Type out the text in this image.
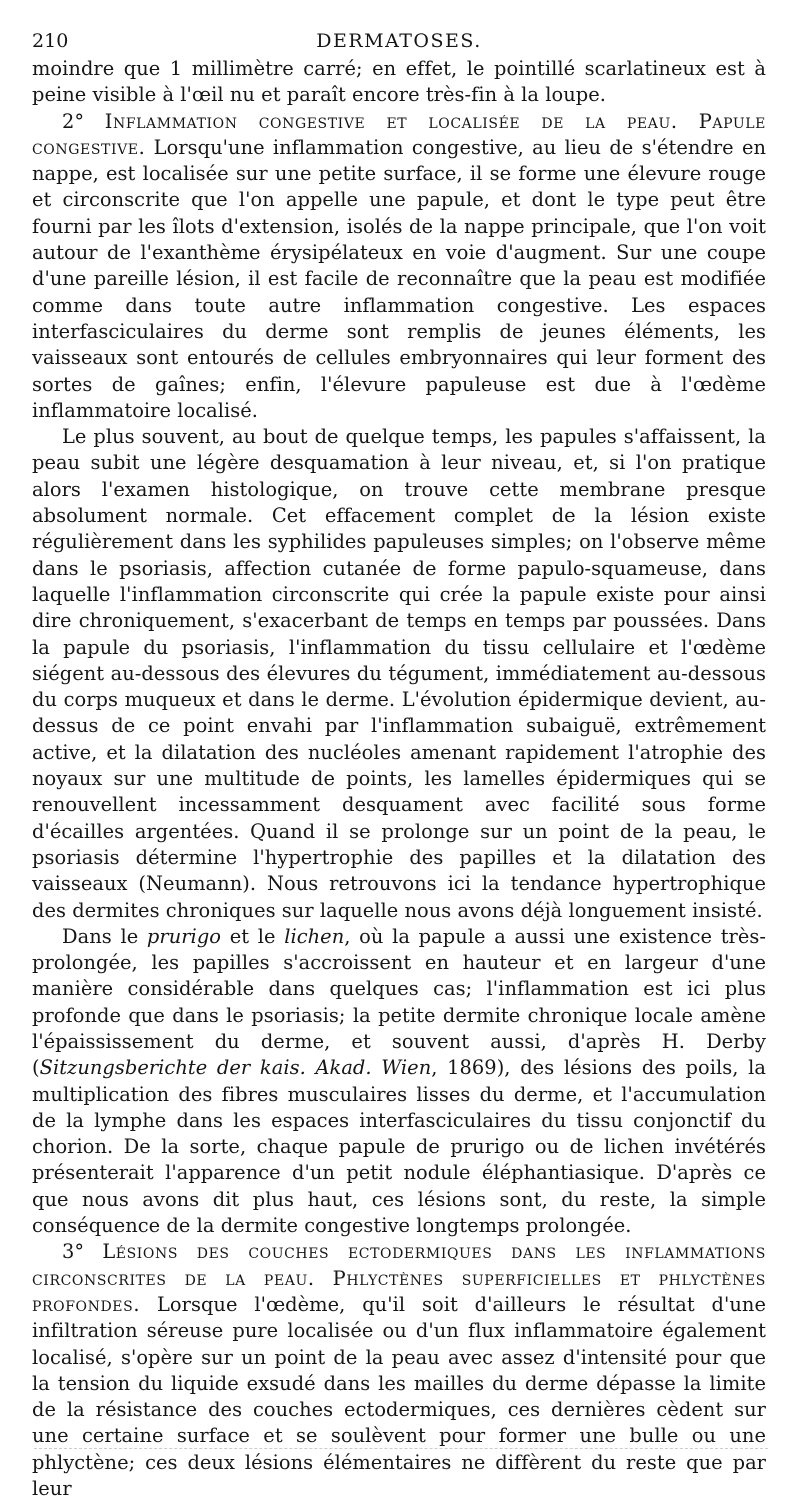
210	DERMATOSES.

moindre que 1 millimètre carré; en effet, le pointillé scarlatineux est à peine visible à l'œil nu et paraît encore très-fin à la loupe.

2° Inflammation congestive et localisée de la peau. Papule congestive. Lorsqu'une inflammation congestive, au lieu de s'étendre en nappe, est localisée sur une petite surface, il se forme une élevure rouge et circonscrite que l'on appelle une papule, et dont le type peut être fourni par les îlots d'extension, isolés de la nappe principale, que l'on voit autour de l'exanthème érysipélateux en voie d'augment. Sur une coupe d'une pareille lésion, il est facile de reconnaître que la peau est modifiée comme dans toute autre inflammation congestive. Les espaces interfasciculaires du derme sont remplis de jeunes éléments, les vaisseaux sont entourés de cellules embryonnaires qui leur forment des sortes de gaînes; enfin, l'élevure papuleuse est due à l'œdème inflammatoire localisé.

Le plus souvent, au bout de quelque temps, les papules s'affaissent, la peau subit une légère desquamation à leur niveau, et, si l'on pratique alors l'examen histologique, on trouve cette membrane presque absolument normale. Cet effacement complet de la lésion existe régulièrement dans les syphilides papuleuses simples; on l'observe même dans le psoriasis, affection cutanée de forme papulo-squameuse, dans laquelle l'inflammation circonscrite qui crée la papule existe pour ainsi dire chroniquement, s'exacerbant de temps en temps par poussées. Dans la papule du psoriasis, l'inflammation du tissu cellulaire et l'œdème siégent au-dessous des élevures du tégument, immédiatement au-dessous du corps muqueux et dans le derme. L'évolution épidermique devient, au-dessus de ce point envahi par l'inflammation subaiguë, extrêmement active, et la dilatation des nucléoles amenant rapidement l'atrophie des noyaux sur une multitude de points, les lamelles épidermiques qui se renouvellent incessamment desquament avec facilité sous forme d'écailles argentées. Quand il se prolonge sur un point de la peau, le psoriasis détermine l'hypertrophie des papilles et la dilatation des vaisseaux (Neumann). Nous retrouvons ici la tendance hypertrophique des dermites chroniques sur laquelle nous avons déjà longuement insisté.

Dans le prurigo et le lichen, où la papule a aussi une existence très-prolongée, les papilles s'accroissent en hauteur et en largeur d'une manière considérable dans quelques cas; l'inflammation est ici plus profonde que dans le psoriasis; la petite dermite chronique locale amène l'épaississement du derme, et souvent aussi, d'après H. Derby (Sitzungsberichte der kais. Akad. Wien, 1869), des lésions des poils, la multiplication des fibres musculaires lisses du derme, et l'accumulation de la lymphe dans les espaces interfasciculaires du tissu conjonctif du chorion. De la sorte, chaque papule de prurigo ou de lichen invétérés présenterait l'apparence d'un petit nodule éléphantiasique. D'après ce que nous avons dit plus haut, ces lésions sont, du reste, la simple conséquence de la dermite congestive longtemps prolongée.

3° Lésions des couches ectodermiques dans les inflammations circonscrites de la peau. Phlyctènes superficielles et phlyctènes profondes. Lorsque l'œdème, qu'il soit d'ailleurs le résultat d'une infiltration séreuse pure localisée ou d'un flux inflammatoire également localisé, s'opère sur un point de la peau avec assez d'intensité pour que la tension du liquide exsudé dans les mailles du derme dépasse la limite de la résistance des couches ectodermiques, ces dernières cèdent sur une certaine surface et se soulèvent pour former une bulle ou une phlyctène; ces deux lésions élémentaires ne diffèrent du reste que par leur
